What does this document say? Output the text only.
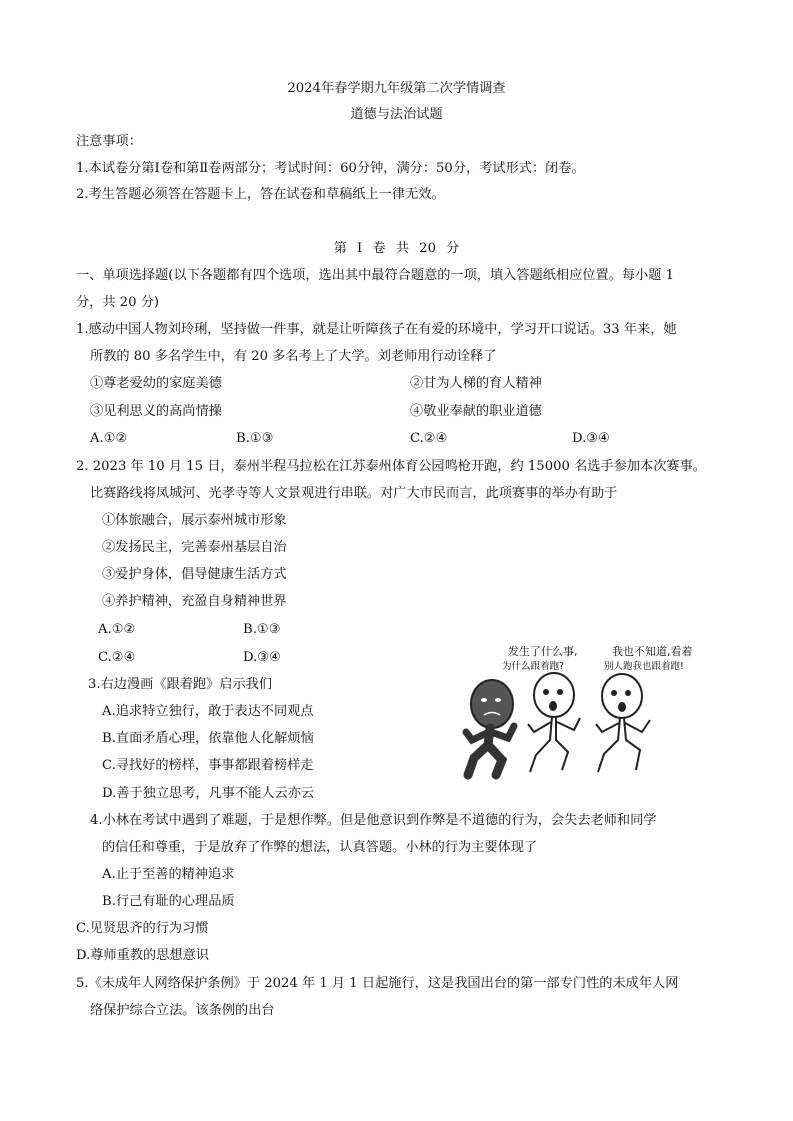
2024年春学期九年级第二次学情调查
道德与法治试题
注意事项：
1.本试卷分第Ⅰ卷和第Ⅱ卷两部分；考试时间：60分钟，满分：50分，考试形式：闭卷。
2.考生答题必须答在答题卡上，答在试卷和草稿纸上一律无效。
第 Ⅰ 卷 共 20 分
一、单项选择题(以下各题都有四个选项，选出其中最符合题意的一项，填入答题纸相应位置。每小题 1
分，共 20 分)
1.感动中国人物刘玲琍，坚持做一件事，就是让听障孩子在有爱的环境中，学习开口说话。33 年来，她
所教的 80 多名学生中，有 20 多名考上了大学。刘老师用行动诠释了
①尊老爱幼的家庭美德	②甘为人梯的育人精神
③见利思义的高尚情操	④敬业奉献的职业道德
A.①②	B.①③	C.②④	D.③④
2. 2023 年 10 月 15 日，泰州半程马拉松在江苏泰州体育公园鸣枪开跑，约 15000 名选手参加本次赛事。
比赛路线将凤城河、光孝寺等人文景观进行串联。对广大市民而言，此项赛事的举办有助于
①体旅融合，展示泰州城市形象
②发扬民主，完善泰州基层自治
③爱护身体，倡导健康生活方式
④养护精神，充盈自身精神世界
A.①②	B.①③
C.②④	D.③④
3.右边漫画《跟着跑》启示我们
A.追求特立独行，敢于表达不同观点
B.直面矛盾心理，依靠他人化解烦恼
C.寻找好的榜样，事事都跟着榜样走
D.善于独立思考，凡事不能人云亦云
发生了什么事,
为什么跟着跑?
我也不知道,看着
别人跑我也跟着跑!
4.小林在考试中遇到了难题，于是想作弊。但是他意识到作弊是不道德的行为，会失去老师和同学
的信任和尊重，于是放弃了作弊的想法，认真答题。小林的行为主要体现了
A.止于至善的精神追求
B.行己有耻的心理品质
C.见贤思齐的行为习惯
D.尊师重教的思想意识
5.《未成年人网络保护条例》于 2024 年 1 月 1 日起施行，这是我国出台的第一部专门性的未成年人网
络保护综合立法。该条例的出台
